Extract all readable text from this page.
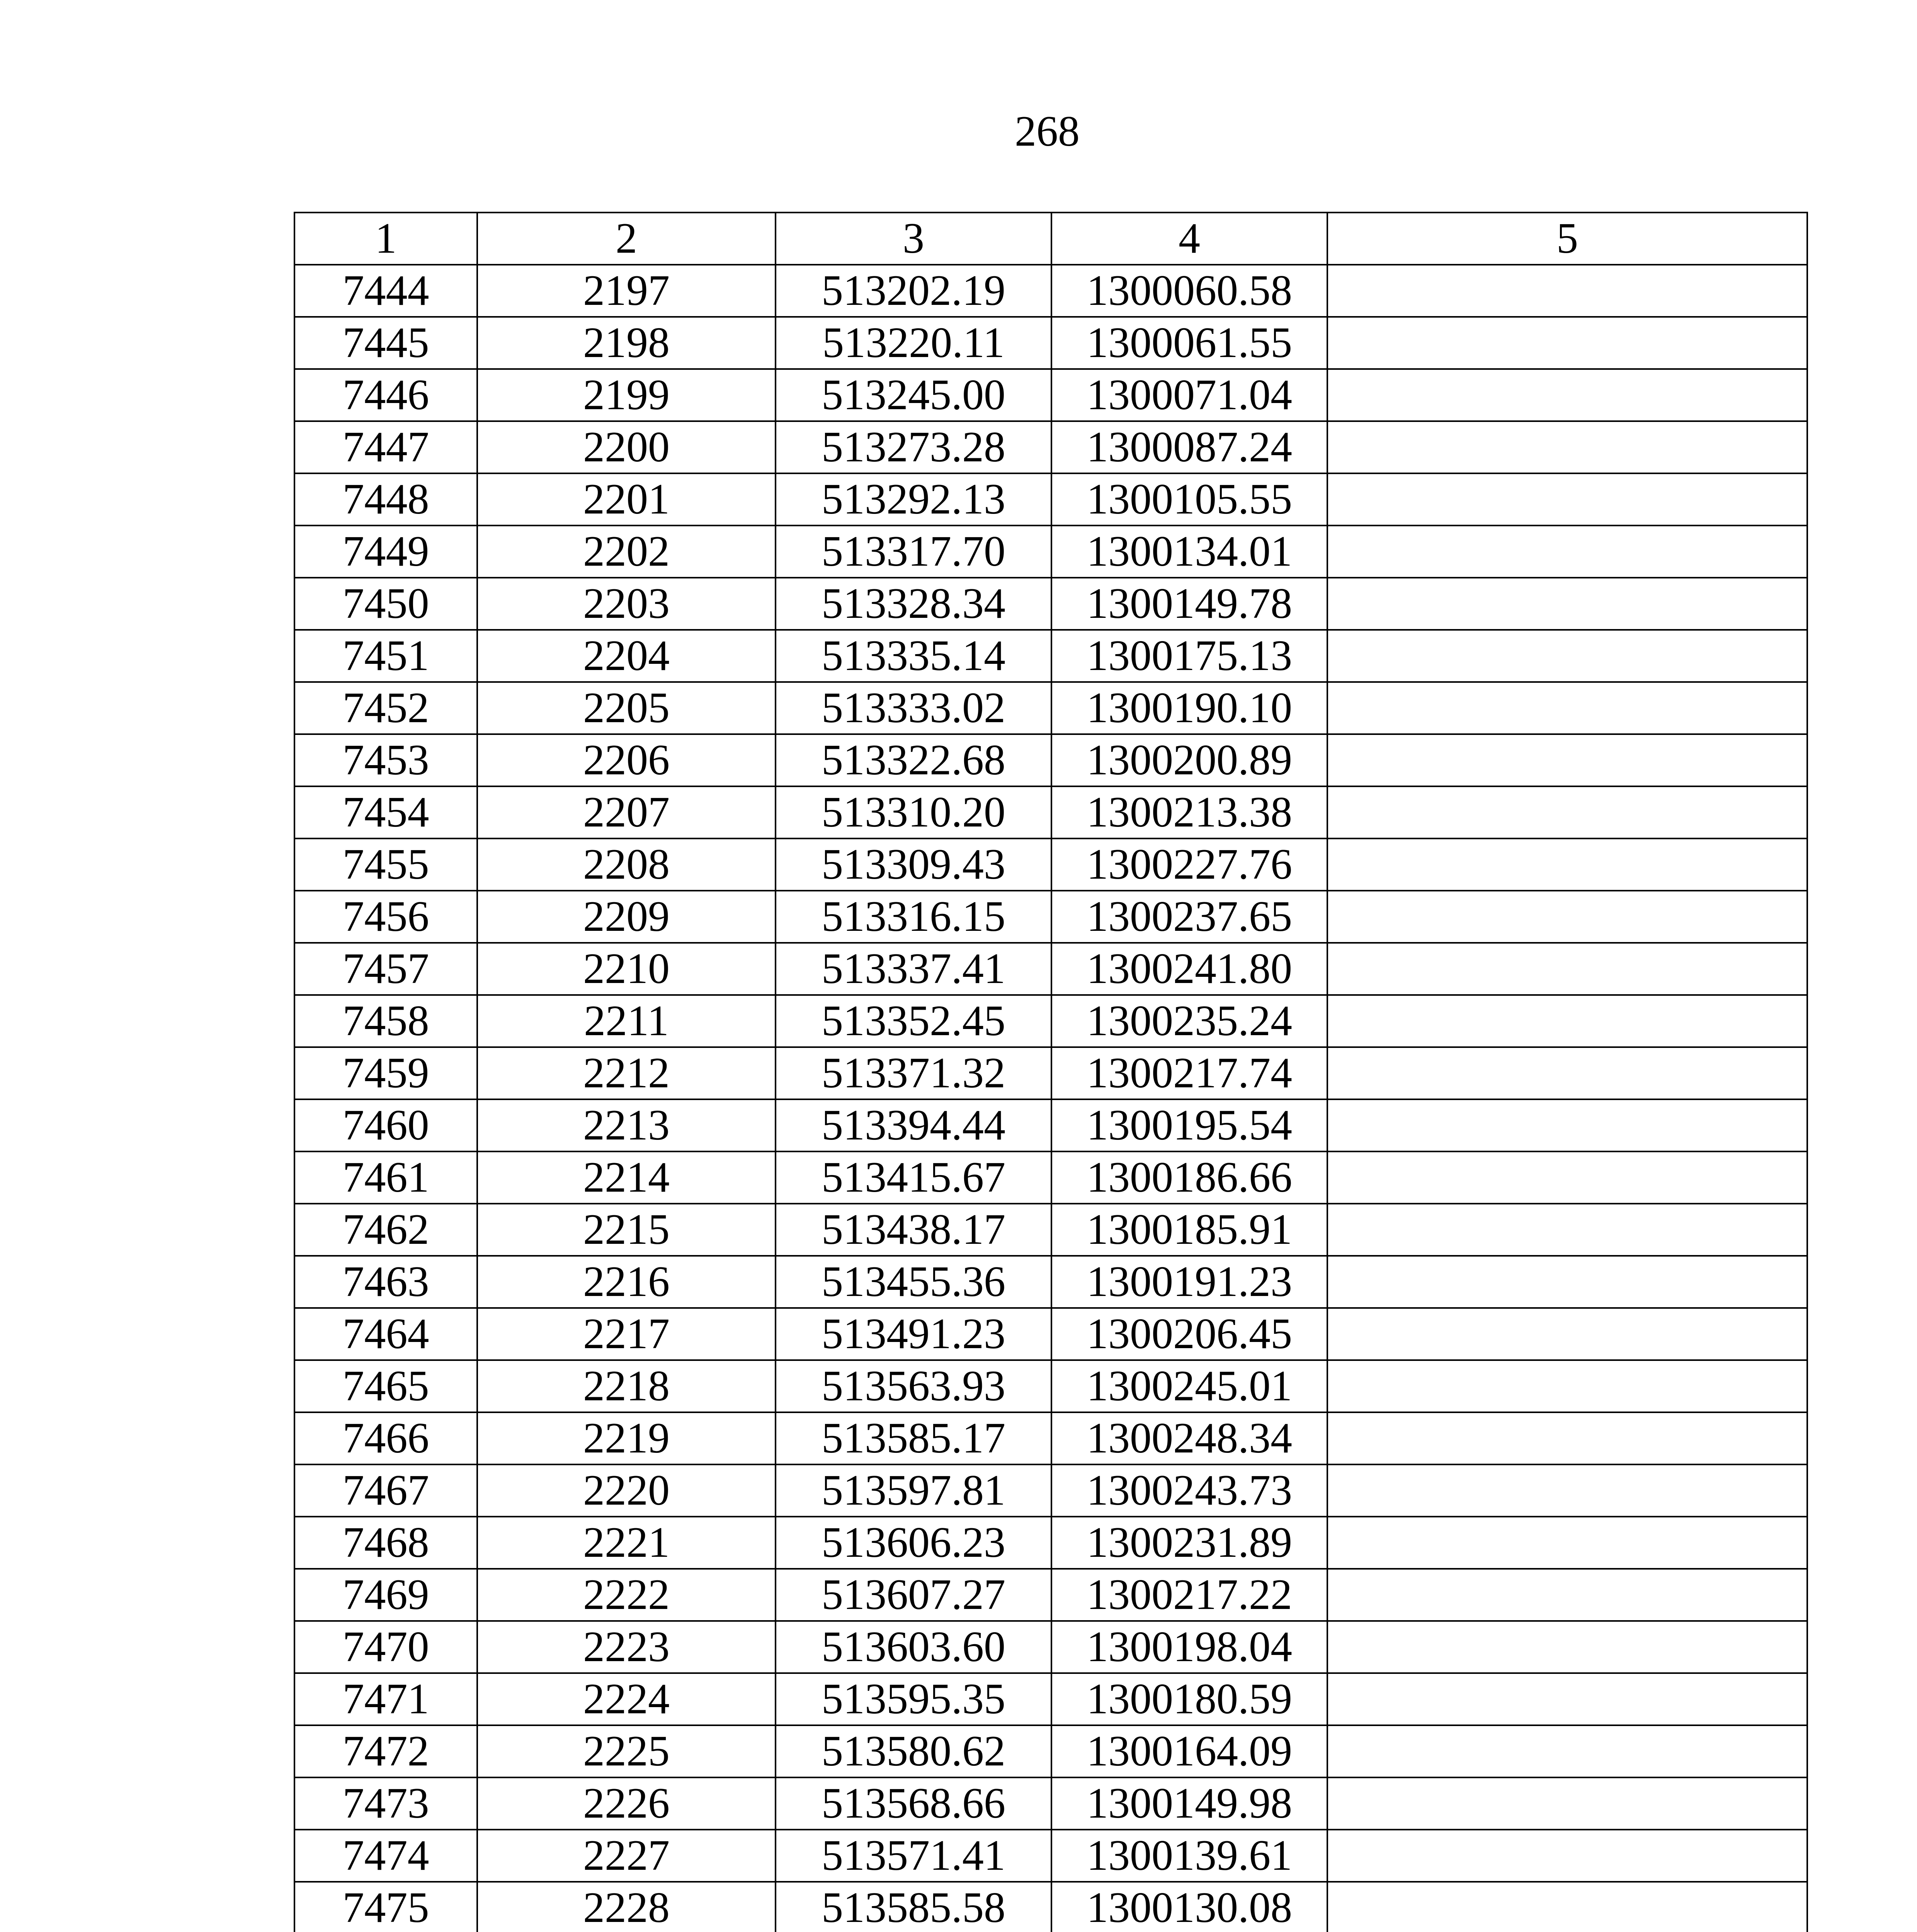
268
1	2	3	4	5
7444	2197	513202.19	1300060.58	
7445	2198	513220.11	1300061.55	
7446	2199	513245.00	1300071.04	
7447	2200	513273.28	1300087.24	
7448	2201	513292.13	1300105.55	
7449	2202	513317.70	1300134.01	
7450	2203	513328.34	1300149.78	
7451	2204	513335.14	1300175.13	
7452	2205	513333.02	1300190.10	
7453	2206	513322.68	1300200.89	
7454	2207	513310.20	1300213.38	
7455	2208	513309.43	1300227.76	
7456	2209	513316.15	1300237.65	
7457	2210	513337.41	1300241.80	
7458	2211	513352.45	1300235.24	
7459	2212	513371.32	1300217.74	
7460	2213	513394.44	1300195.54	
7461	2214	513415.67	1300186.66	
7462	2215	513438.17	1300185.91	
7463	2216	513455.36	1300191.23	
7464	2217	513491.23	1300206.45	
7465	2218	513563.93	1300245.01	
7466	2219	513585.17	1300248.34	
7467	2220	513597.81	1300243.73	
7468	2221	513606.23	1300231.89	
7469	2222	513607.27	1300217.22	
7470	2223	513603.60	1300198.04	
7471	2224	513595.35	1300180.59	
7472	2225	513580.62	1300164.09	
7473	2226	513568.66	1300149.98	
7474	2227	513571.41	1300139.61	
7475	2228	513585.58	1300130.08	
